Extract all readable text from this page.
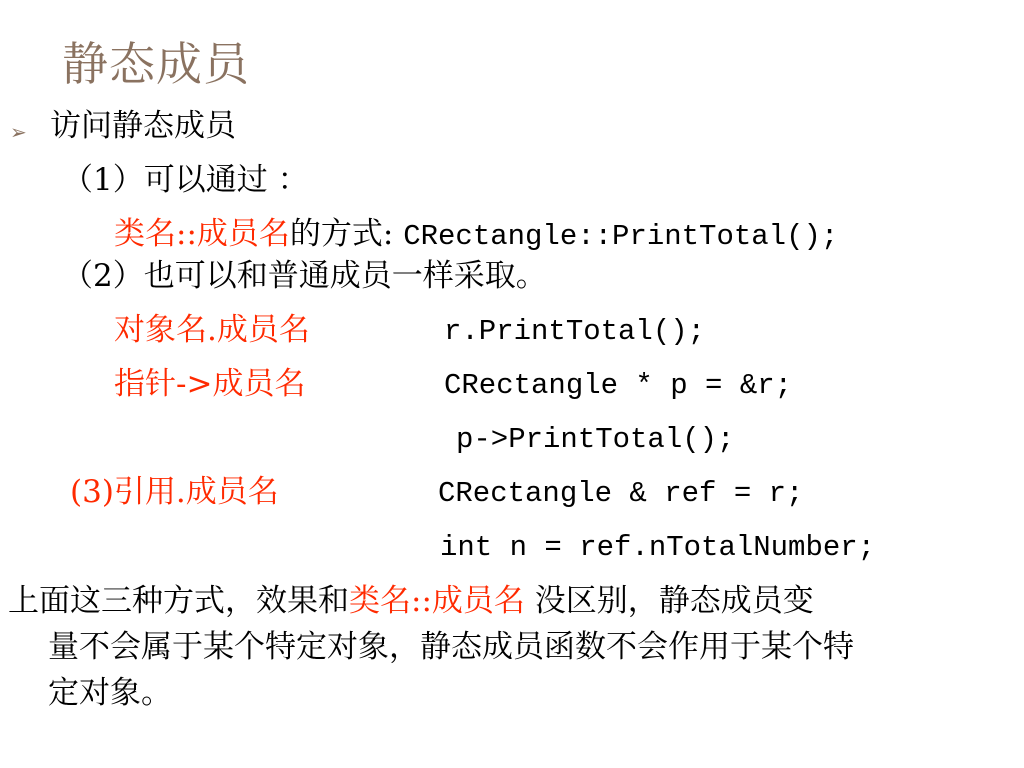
静态成员
➢ 访问静态成员
（1）可以通过 ：
类名::成员名的方式: CRectangle::PrintTotal();
（2）也可以和普通成员一样采取。
对象名.成员名	r.PrintTotal();
指针->成员名	CRectangle * p = &r;
p->PrintTotal();
(3)引用.成员名	CRectangle & ref = r;
int n = ref.nTotalNumber;
上面这三种方式，效果和类名::成员名 没区别，静态成员变
量不会属于某个特定对象，静态成员函数不会作用于某个特
定对象。
